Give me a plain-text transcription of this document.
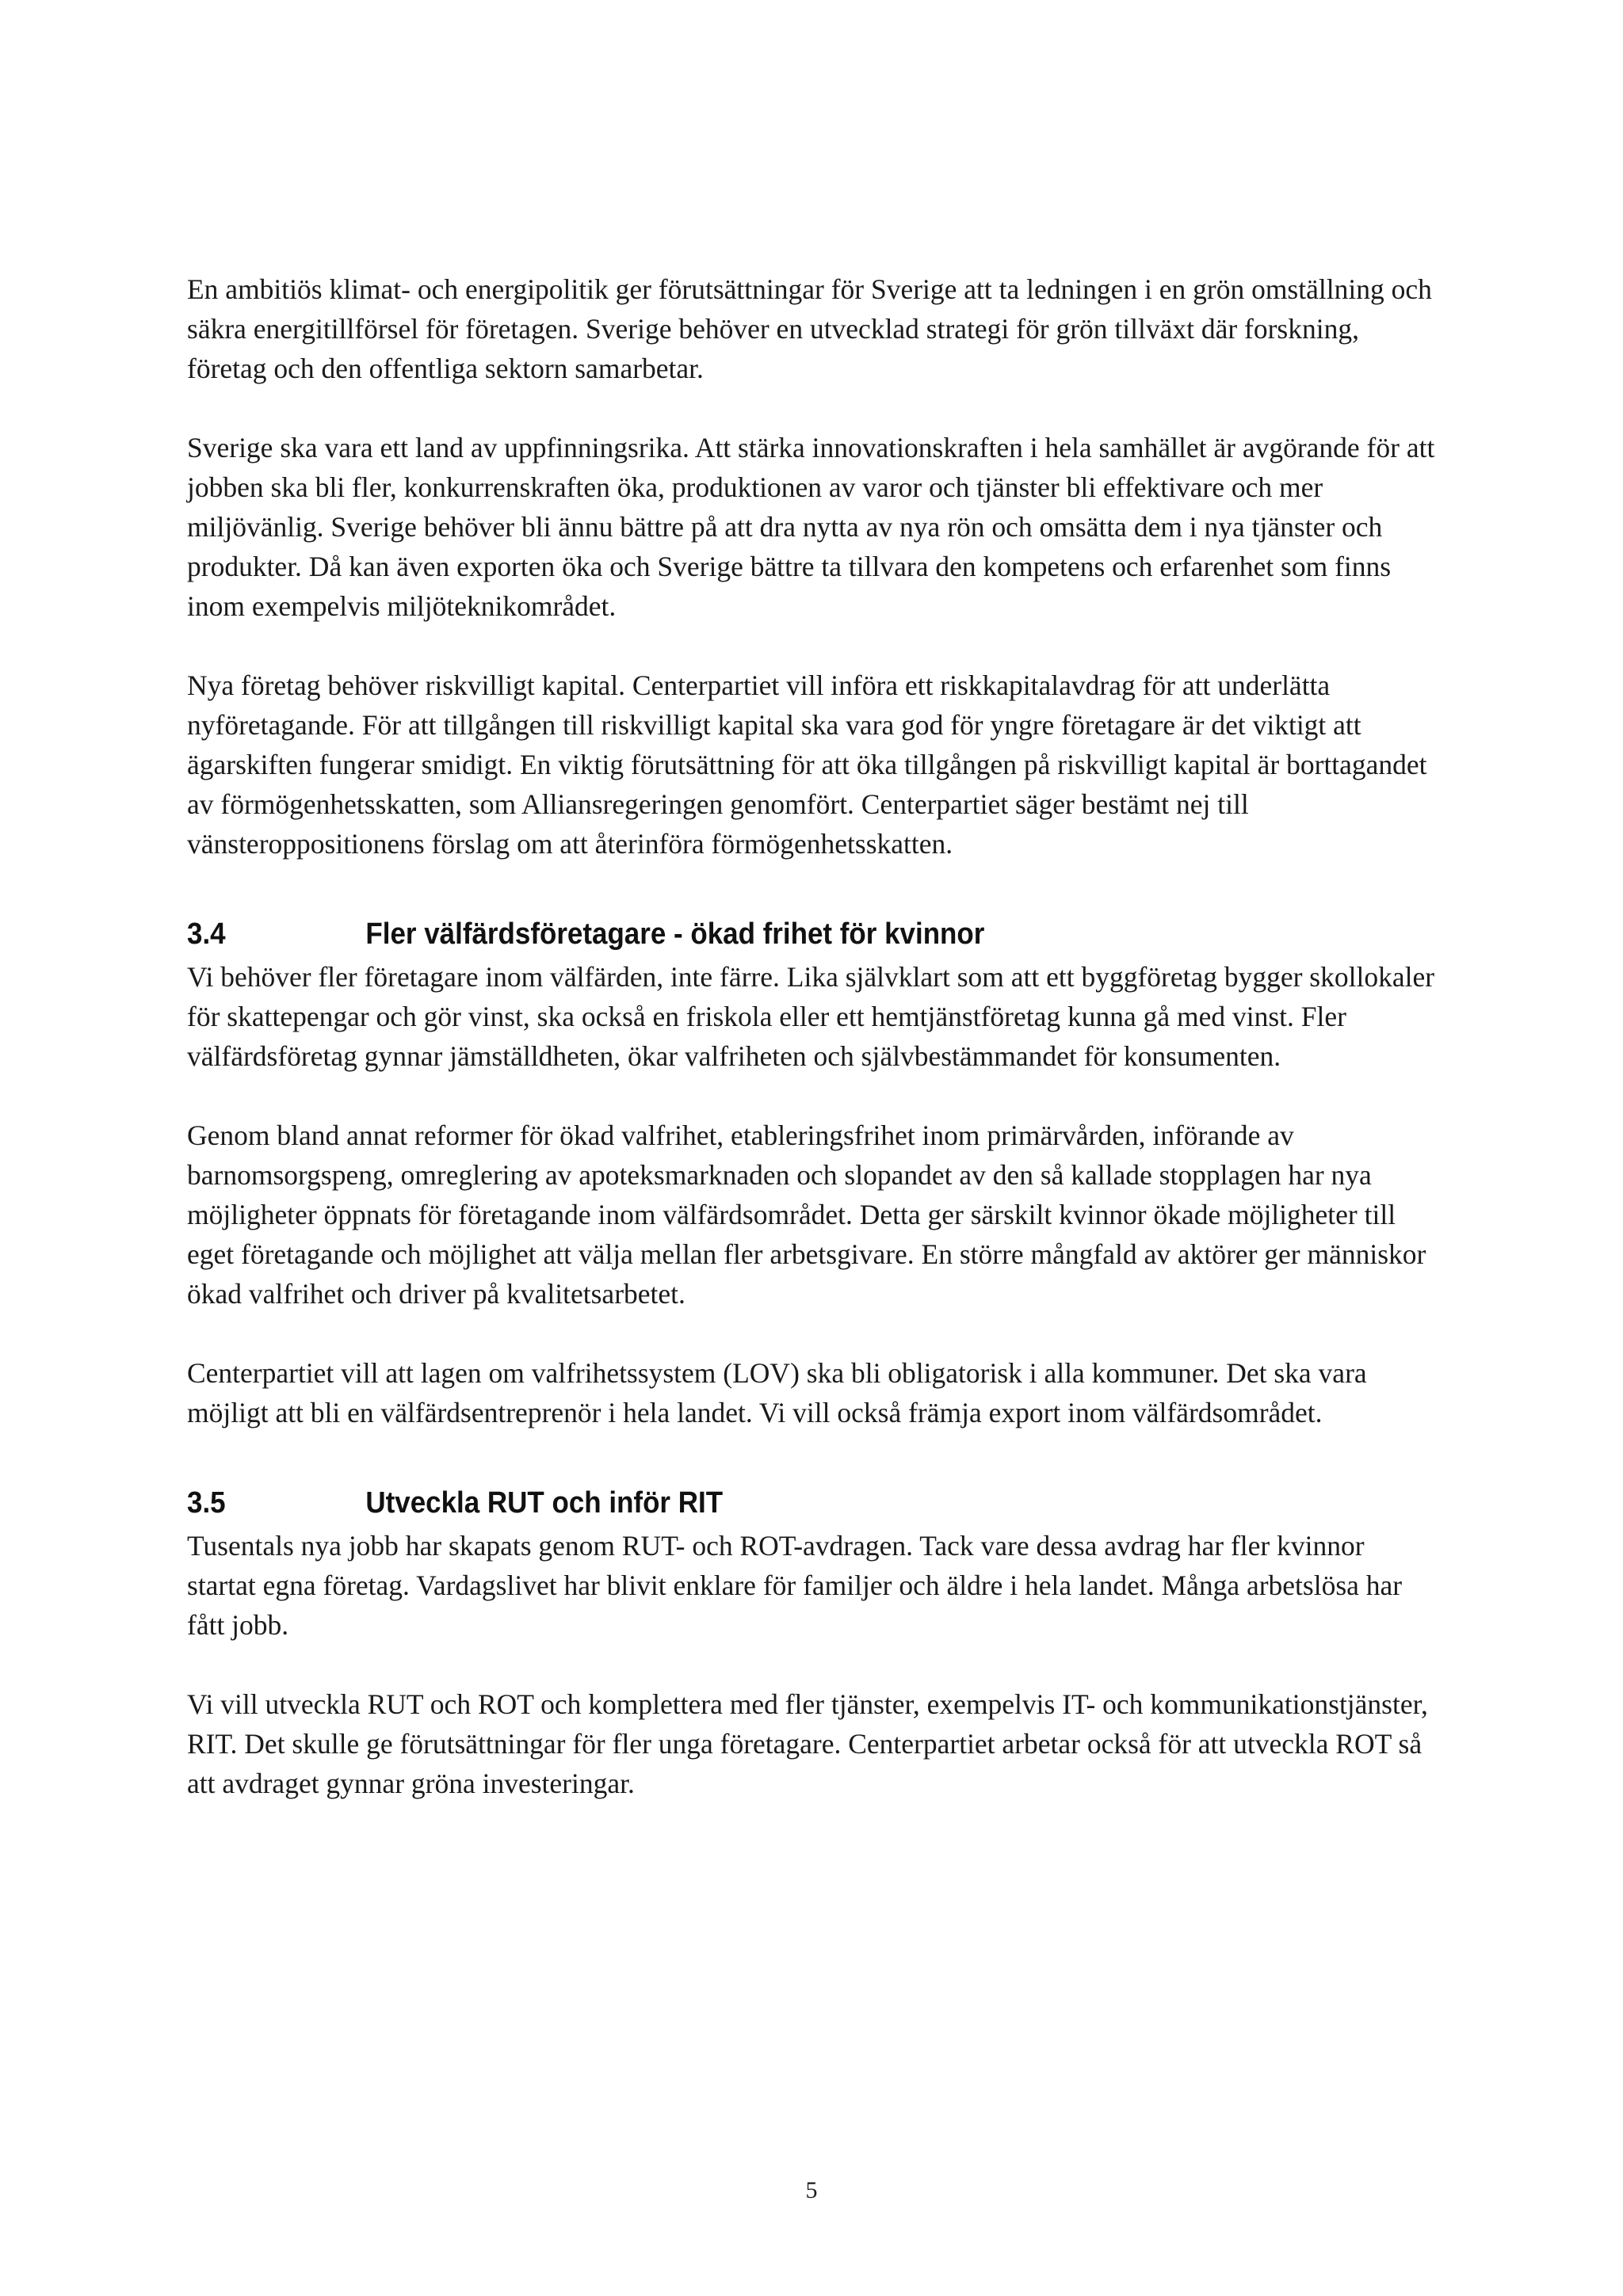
En ambitiös klimat- och energipolitik ger förutsättningar för Sverige att ta ledningen i en grön omställning och säkra energitillförsel för företagen. Sverige behöver en utvecklad strategi för grön tillväxt där forskning, företag och den offentliga sektorn samarbetar.

Sverige ska vara ett land av uppfinningsrika. Att stärka innovationskraften i hela samhället är avgörande för att jobben ska bli fler, konkurrenskraften öka, produktionen av varor och tjänster bli effektivare och mer miljövänlig. Sverige behöver bli ännu bättre på att dra nytta av nya rön och omsätta dem i nya tjänster och produkter. Då kan även exporten öka och Sverige bättre ta tillvara den kompetens och erfarenhet som finns inom exempelvis miljöteknikområdet.

Nya företag behöver riskvilligt kapital. Centerpartiet vill införa ett riskkapitalavdrag för att underlätta nyföretagande. För att tillgången till riskvilligt kapital ska vara god för yngre företagare är det viktigt att ägarskiften fungerar smidigt. En viktig förutsättning för att öka tillgången på riskvilligt kapital är borttagandet av förmögenhetsskatten, som Alliansregeringen genomfört. Centerpartiet säger bestämt nej till vänsteroppositionens förslag om att återinföra förmögenhetsskatten.

3.4	Fler välfärdsföretagare - ökad frihet för kvinnor

Vi behöver fler företagare inom välfärden, inte färre. Lika självklart som att ett byggföretag bygger skollokaler för skattepengar och gör vinst, ska också en friskola eller ett hemtjänstföretag kunna gå med vinst. Fler välfärdsföretag gynnar jämställdheten, ökar valfriheten och självbestämmandet för konsumenten.

Genom bland annat reformer för ökad valfrihet, etableringsfrihet inom primärvården, införande av barnomsorgspeng, omreglering av apoteksmarknaden och slopandet av den så kallade stopplagen har nya möjligheter öppnats för företagande inom välfärdsområdet. Detta ger särskilt kvinnor ökade möjligheter till eget företagande och möjlighet att välja mellan fler arbetsgivare. En större mångfald av aktörer ger människor ökad valfrihet och driver på kvalitetsarbetet.

Centerpartiet vill att lagen om valfrihetssystem (LOV) ska bli obligatorisk i alla kommuner. Det ska vara möjligt att bli en välfärdsentreprenör i hela landet. Vi vill också främja export inom välfärdsområdet.

3.5	Utveckla RUT och inför RIT

Tusentals nya jobb har skapats genom RUT- och ROT-avdragen. Tack vare dessa avdrag har fler kvinnor startat egna företag. Vardagslivet har blivit enklare för familjer och äldre i hela landet. Många arbetslösa har fått jobb.

Vi vill utveckla RUT och ROT och komplettera med fler tjänster, exempelvis IT- och kommunikationstjänster, RIT. Det skulle ge förutsättningar för fler unga företagare. Centerpartiet arbetar också för att utveckla ROT så att avdraget gynnar gröna investeringar.

5
